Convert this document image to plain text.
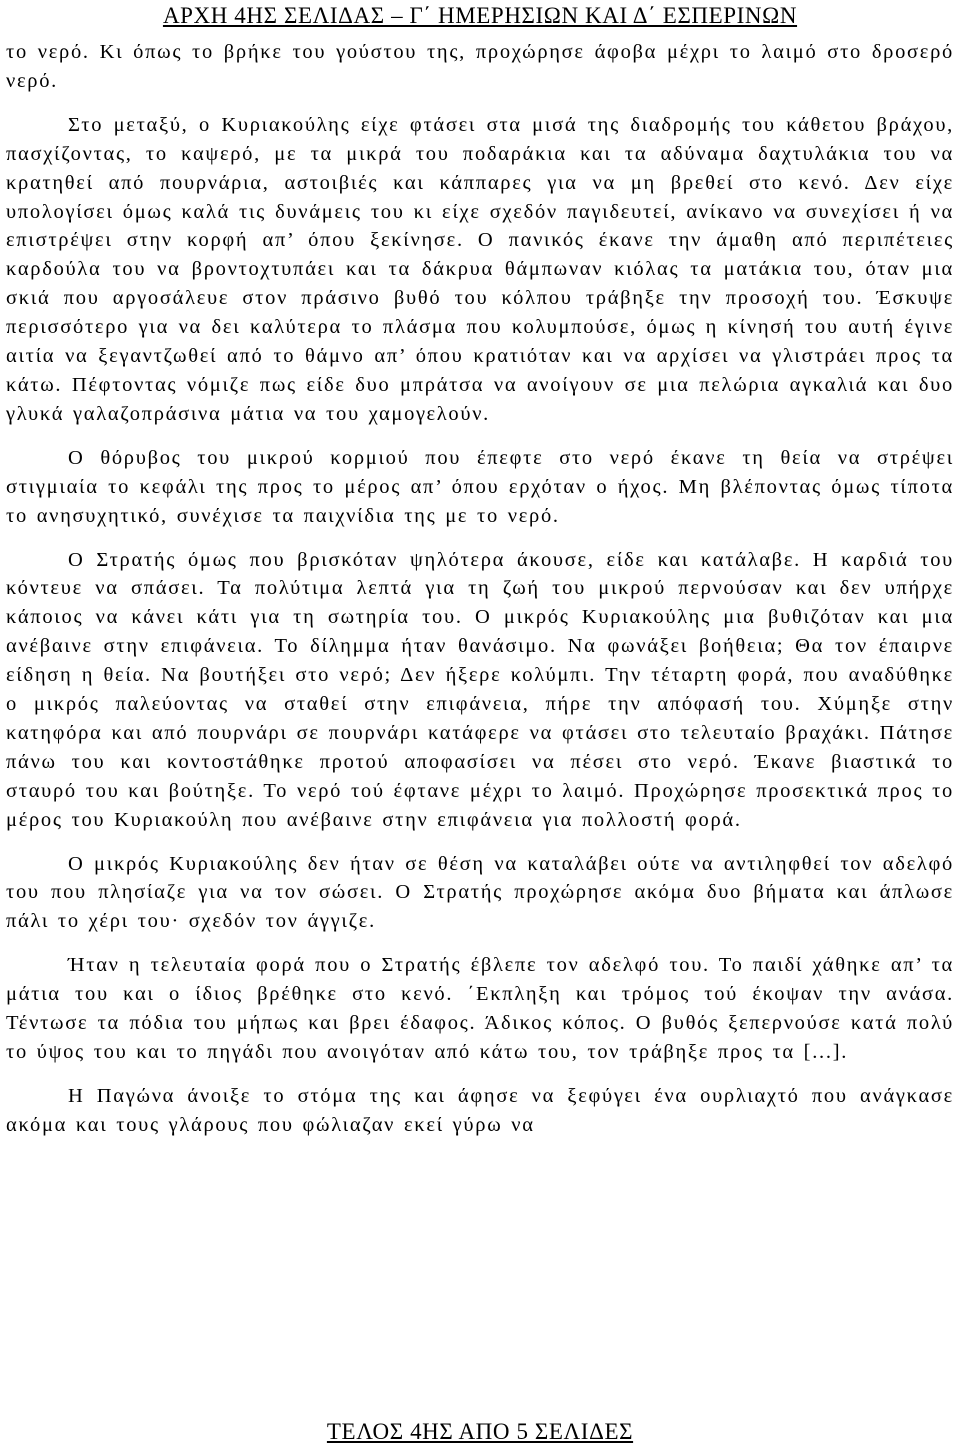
ΑΡΧΗ 4ΗΣ ΣΕΛΙΔΑΣ – Γ΄ ΗΜΕΡΗΣΙΩΝ ΚΑΙ Δ΄ ΕΣΠΕΡΙΝΩΝ

το νερό. Κι όπως το βρήκε του γούστου της, προχώρησε άφοβα μέχρι το λαιμό στο δροσερό νερό.

Στο μεταξύ, ο Κυριακούλης είχε φτάσει στα μισά της διαδρομής του κάθετου βράχου, πασχίζοντας, το καψερό, με τα μικρά του ποδαράκια και τα αδύναμα δαχτυλάκια του να κρατηθεί από πουρνάρια, αστοιβιές και κάππαρες για να μη βρεθεί στο κενό. Δεν είχε υπολογίσει όμως καλά τις δυνάμεις του κι είχε σχεδόν παγιδευτεί, ανίκανο να συνεχίσει ή να επιστρέψει στην κορφή απ’ όπου ξεκίνησε. Ο πανικός έκανε την άμαθη από περιπέτειες καρδούλα του να βροντοχτυπάει και τα δάκρυα θάμπωναν κιόλας τα ματάκια του, όταν μια σκιά που αργοσάλευε στον πράσινο βυθό του κόλπου τράβηξε την προσοχή του. Έσκυψε περισσότερο για να δει καλύτερα το πλάσμα που κολυμπούσε, όμως η κίνησή του αυτή έγινε αιτία να ξεγαντζωθεί από το θάμνο απ’ όπου κρατιόταν και να αρχίσει να γλιστράει προς τα κάτω. Πέφτοντας νόμιζε πως είδε δυο μπράτσα να ανοίγουν σε μια πελώρια αγκαλιά και δυο γλυκά γαλαζοπράσινα μάτια να του χαμογελούν.

Ο θόρυβος του μικρού κορμιού που έπεφτε στο νερό έκανε τη θεία να στρέψει στιγμιαία το κεφάλι της προς το μέρος απ’ όπου ερχόταν ο ήχος. Μη βλέποντας όμως τίποτα το ανησυχητικό, συνέχισε τα παιχνίδια της με το νερό.

Ο Στρατής όμως που βρισκόταν ψηλότερα άκουσε, είδε και κατάλαβε. Η καρδιά του κόντευε να σπάσει. Τα πολύτιμα λεπτά για τη ζωή του μικρού περνούσαν και δεν υπήρχε κάποιος να κάνει κάτι για τη σωτηρία του. Ο μικρός Κυριακούλης μια βυθιζόταν και μια ανέβαινε στην επιφάνεια. Το δίλημμα ήταν θανάσιμο. Να φωνάξει βοήθεια; Θα τον έπαιρνε είδηση η θεία. Να βουτήξει στο νερό; Δεν ήξερε κολύμπι. Την τέταρτη φορά, που αναδύθηκε ο μικρός παλεύοντας να σταθεί στην επιφάνεια, πήρε την απόφασή του. Χύμηξε στην κατηφόρα και από πουρνάρι σε πουρνάρι κατάφερε να φτάσει στο τελευταίο βραχάκι. Πάτησε πάνω του και κοντοστάθηκε προτού αποφασίσει να πέσει στο νερό. Έκανε βιαστικά το σταυρό του και βούτηξε. Το νερό τού έφτανε μέχρι το λαιμό. Προχώρησε προσεκτικά προς το μέρος του Κυριακούλη που ανέβαινε στην επιφάνεια για πολλοστή φορά.

Ο μικρός Κυριακούλης δεν ήταν σε θέση να καταλάβει ούτε να αντιληφθεί τον αδελφό του που πλησίαζε για να τον σώσει. Ο Στρατής προχώρησε ακόμα δυο βήματα και άπλωσε πάλι το χέρι του· σχεδόν τον άγγιζε.

Ήταν η τελευταία φορά που ο Στρατής έβλεπε τον αδελφό του. Το παιδί χάθηκε απ’ τα μάτια του και ο ίδιος βρέθηκε στο κενό. ΄Εκπληξη και τρόμος τού έκοψαν την ανάσα. Τέντωσε τα πόδια του μήπως και βρει έδαφος. Άδικος κόπος. Ο βυθός ξεπερνούσε κατά πολύ το ύψος του και το πηγάδι που ανοιγόταν από κάτω του, τον τράβηξε προς τα [...].

Η Παγώνα άνοιξε το στόμα της και άφησε να ξεφύγει ένα ουρλιαχτό που ανάγκασε ακόμα και τους γλάρους που φώλιαζαν εκεί γύρω να

ΤΕΛΟΣ 4ΗΣ ΑΠΟ 5 ΣΕΛΙΔΕΣ
